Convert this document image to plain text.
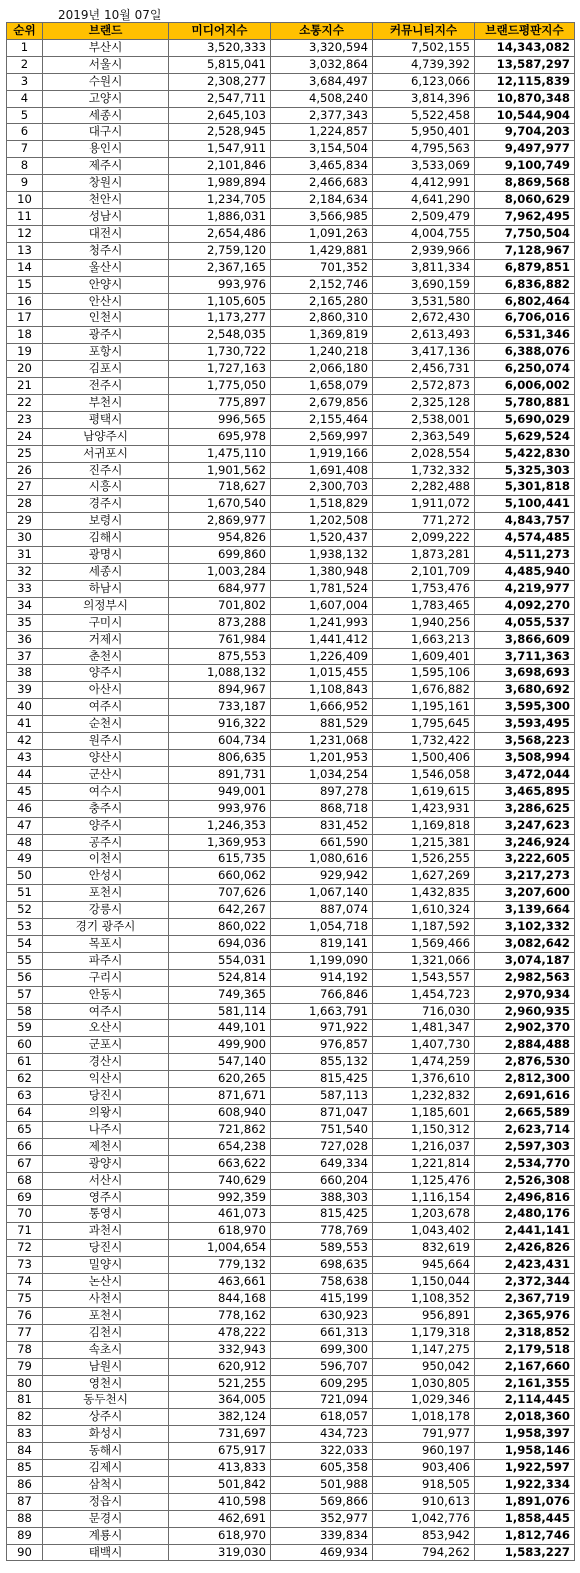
2019년 10월 07일
순위	브랜드	미디어지수	소통지수	커뮤니티지수	브랜드평판지수
1	부산시	3,520,333	3,320,594	7,502,155	14,343,082
2	서울시	5,815,041	3,032,864	4,739,392	13,587,297
3	수원시	2,308,277	3,684,497	6,123,066	12,115,839
4	고양시	2,547,711	4,508,240	3,814,396	10,870,348
5	세종시	2,645,103	2,377,343	5,522,458	10,544,904
6	대구시	2,528,945	1,224,857	5,950,401	9,704,203
7	용인시	1,547,911	3,154,504	4,795,563	9,497,977
8	제주시	2,101,846	3,465,834	3,533,069	9,100,749
9	창원시	1,989,894	2,466,683	4,412,991	8,869,568
10	천안시	1,234,705	2,184,634	4,641,290	8,060,629
11	성남시	1,886,031	3,566,985	2,509,479	7,962,495
12	대전시	2,654,486	1,091,263	4,004,755	7,750,504
13	청주시	2,759,120	1,429,881	2,939,966	7,128,967
14	울산시	2,367,165	701,352	3,811,334	6,879,851
15	안양시	993,976	2,152,746	3,690,159	6,836,882
16	안산시	1,105,605	2,165,280	3,531,580	6,802,464
17	인천시	1,173,277	2,860,310	2,672,430	6,706,016
18	광주시	2,548,035	1,369,819	2,613,493	6,531,346
19	포항시	1,730,722	1,240,218	3,417,136	6,388,076
20	김포시	1,727,163	2,066,180	2,456,731	6,250,074
21	전주시	1,775,050	1,658,079	2,572,873	6,006,002
22	부천시	775,897	2,679,856	2,325,128	5,780,881
23	평택시	996,565	2,155,464	2,538,001	5,690,029
24	남양주시	695,978	2,569,997	2,363,549	5,629,524
25	서귀포시	1,475,110	1,919,166	2,028,554	5,422,830
26	진주시	1,901,562	1,691,408	1,732,332	5,325,303
27	시흥시	718,627	2,300,703	2,282,488	5,301,818
28	경주시	1,670,540	1,518,829	1,911,072	5,100,441
29	보령시	2,869,977	1,202,508	771,272	4,843,757
30	김해시	954,826	1,520,437	2,099,222	4,574,485
31	광명시	699,860	1,938,132	1,873,281	4,511,273
32	세종시	1,003,284	1,380,948	2,101,709	4,485,940
33	하남시	684,977	1,781,524	1,753,476	4,219,977
34	의정부시	701,802	1,607,004	1,783,465	4,092,270
35	구미시	873,288	1,241,993	1,940,256	4,055,537
36	거제시	761,984	1,441,412	1,663,213	3,866,609
37	춘천시	875,553	1,226,409	1,609,401	3,711,363
38	양주시	1,088,132	1,015,455	1,595,106	3,698,693
39	아산시	894,967	1,108,843	1,676,882	3,680,692
40	여주시	733,187	1,666,952	1,195,161	3,595,300
41	순천시	916,322	881,529	1,795,645	3,593,495
42	원주시	604,734	1,231,068	1,732,422	3,568,223
43	양산시	806,635	1,201,953	1,500,406	3,508,994
44	군산시	891,731	1,034,254	1,546,058	3,472,044
45	여수시	949,001	897,278	1,619,615	3,465,895
46	충주시	993,976	868,718	1,423,931	3,286,625
47	양주시	1,246,353	831,452	1,169,818	3,247,623
48	공주시	1,369,953	661,590	1,215,381	3,246,924
49	이천시	615,735	1,080,616	1,526,255	3,222,605
50	안성시	660,062	929,942	1,627,269	3,217,273
51	포천시	707,626	1,067,140	1,432,835	3,207,600
52	강릉시	642,267	887,074	1,610,324	3,139,664
53	경기 광주시	860,022	1,054,718	1,187,592	3,102,332
54	목포시	694,036	819,141	1,569,466	3,082,642
55	파주시	554,031	1,199,090	1,321,066	3,074,187
56	구리시	524,814	914,192	1,543,557	2,982,563
57	안동시	749,365	766,846	1,454,723	2,970,934
58	여주시	581,114	1,663,791	716,030	2,960,935
59	오산시	449,101	971,922	1,481,347	2,902,370
60	군포시	499,900	976,857	1,407,730	2,884,488
61	경산시	547,140	855,132	1,474,259	2,876,530
62	익산시	620,265	815,425	1,376,610	2,812,300
63	당진시	871,671	587,113	1,232,832	2,691,616
64	의왕시	608,940	871,047	1,185,601	2,665,589
65	나주시	721,862	751,540	1,150,312	2,623,714
66	제천시	654,238	727,028	1,216,037	2,597,303
67	광양시	663,622	649,334	1,221,814	2,534,770
68	서산시	740,629	660,204	1,125,476	2,526,308
69	영주시	992,359	388,303	1,116,154	2,496,816
70	통영시	461,073	815,425	1,203,678	2,480,176
71	과천시	618,970	778,769	1,043,402	2,441,141
72	당진시	1,004,654	589,553	832,619	2,426,826
73	밀양시	779,132	698,635	945,664	2,423,431
74	논산시	463,661	758,638	1,150,044	2,372,344
75	사천시	844,168	415,199	1,108,352	2,367,719
76	포천시	778,162	630,923	956,891	2,365,976
77	김천시	478,222	661,313	1,179,318	2,318,852
78	속초시	332,943	699,300	1,147,275	2,179,518
79	남원시	620,912	596,707	950,042	2,167,660
80	영천시	521,255	609,295	1,030,805	2,161,355
81	동두천시	364,005	721,094	1,029,346	2,114,445
82	상주시	382,124	618,057	1,018,178	2,018,360
83	화성시	731,697	434,723	791,977	1,958,397
84	동해시	675,917	322,033	960,197	1,958,146
85	김제시	413,833	605,358	903,406	1,922,597
86	삼척시	501,842	501,988	918,505	1,922,334
87	정읍시	410,598	569,866	910,613	1,891,076
88	문경시	462,691	352,977	1,042,776	1,858,445
89	계룡시	618,970	339,834	853,942	1,812,746
90	태백시	319,030	469,934	794,262	1,583,227
